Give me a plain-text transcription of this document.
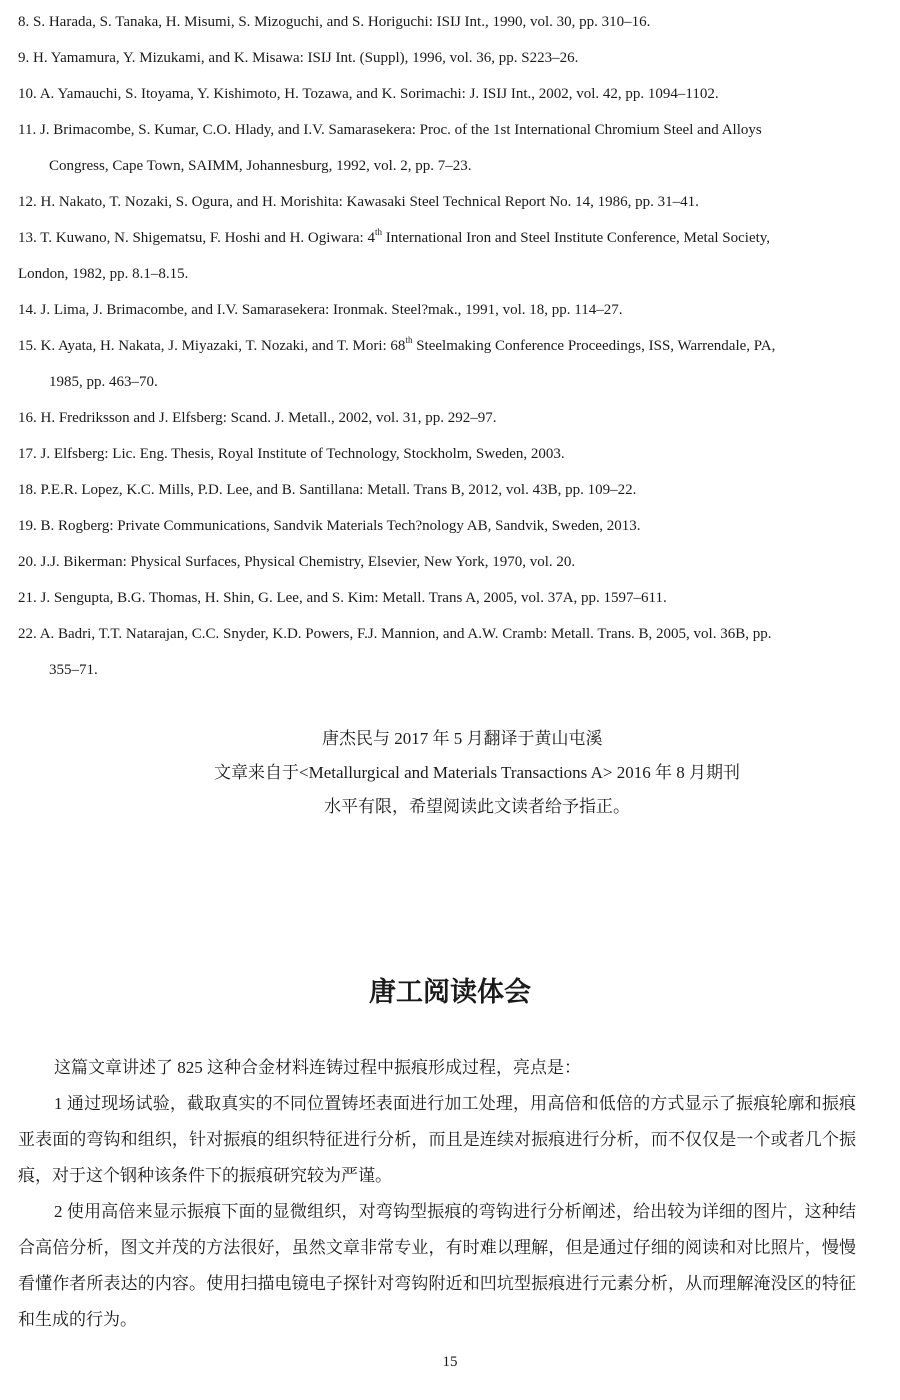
8. S. Harada, S. Tanaka, H. Misumi, S. Mizoguchi, and S. Horiguchi: ISIJ Int., 1990, vol. 30, pp. 310–16.

9. H. Yamamura, Y. Mizukami, and K. Misawa: ISIJ Int. (Suppl), 1996, vol. 36, pp. S223–26.

10. A. Yamauchi, S. Itoyama, Y. Kishimoto, H. Tozawa, and K. Sorimachi: J. ISIJ Int., 2002, vol. 42, pp. 1094–1102.

11. J. Brimacombe, S. Kumar, C.O. Hlady, and I.V. Samarasekera: Proc. of the 1st International Chromium Steel and Alloys
Congress, Cape Town, SAIMM, Johannesburg, 1992, vol. 2, pp. 7–23.

12. H. Nakato, T. Nozaki, S. Ogura, and H. Morishita: Kawasaki Steel Technical Report No. 14, 1986, pp. 31–41.

13. T. Kuwano, N. Shigematsu, F. Hoshi and H. Ogiwara: 4th International Iron and Steel Institute Conference, Metal Society,
London, 1982, pp. 8.1–8.15.

14. J. Lima, J. Brimacombe, and I.V. Samarasekera: Ironmak. Steel?mak., 1991, vol. 18, pp. 114–27.

15. K. Ayata, H. Nakata, J. Miyazaki, T. Nozaki, and T. Mori: 68th Steelmaking Conference Proceedings, ISS, Warrendale, PA,
1985, pp. 463–70.

16. H. Fredriksson and J. Elfsberg: Scand. J. Metall., 2002, vol. 31, pp. 292–97.

17. J. Elfsberg: Lic. Eng. Thesis, Royal Institute of Technology, Stockholm, Sweden, 2003.

18. P.E.R. Lopez, K.C. Mills, P.D. Lee, and B. Santillana: Metall. Trans B, 2012, vol. 43B, pp. 109–22.

19. B. Rogberg: Private Communications, Sandvik Materials Tech?nology AB, Sandvik, Sweden, 2013.

20. J.J. Bikerman: Physical Surfaces, Physical Chemistry, Elsevier, New York, 1970, vol. 20.

21. J. Sengupta, B.G. Thomas, H. Shin, G. Lee, and S. Kim: Metall. Trans A, 2005, vol. 37A, pp. 1597–611.

22. A. Badri, T.T. Natarajan, C.C. Snyder, K.D. Powers, F.J. Mannion, and A.W. Cramb: Metall. Trans. B, 2005, vol. 36B, pp.
355–71.

唐杰民与 2017 年 5 月翻译于黄山屯溪
文章来自于<Metallurgical and Materials Transactions A> 2016 年 8 月期刊
水平有限，希望阅读此文读者给予指正。
唐工阅读体会

这篇文章讲述了 825 这种合金材料连铸过程中振痕形成过程，亮点是：

1 通过现场试验，截取真实的不同位置铸坯表面进行加工处理，用高倍和低倍的方式显示了振痕轮廓和振痕亚表面的弯钩和组织，针对振痕的组织特征进行分析，而且是连续对振痕进行分析，而不仅仅是一个或者几个振痕，对于这个钢种该条件下的振痕研究较为严谨。

2 使用高倍来显示振痕下面的显微组织，对弯钩型振痕的弯钩进行分析阐述，给出较为详细的图片，这种结合高倍分析，图文并茂的方法很好，虽然文章非常专业，有时难以理解，但是通过仔细的阅读和对比照片，慢慢看懂作者所表达的内容。使用扫描电镜电子探针对弯钩附近和凹坑型振痕进行元素分析，从而理解淹没区的特征和生成的行为。

15
